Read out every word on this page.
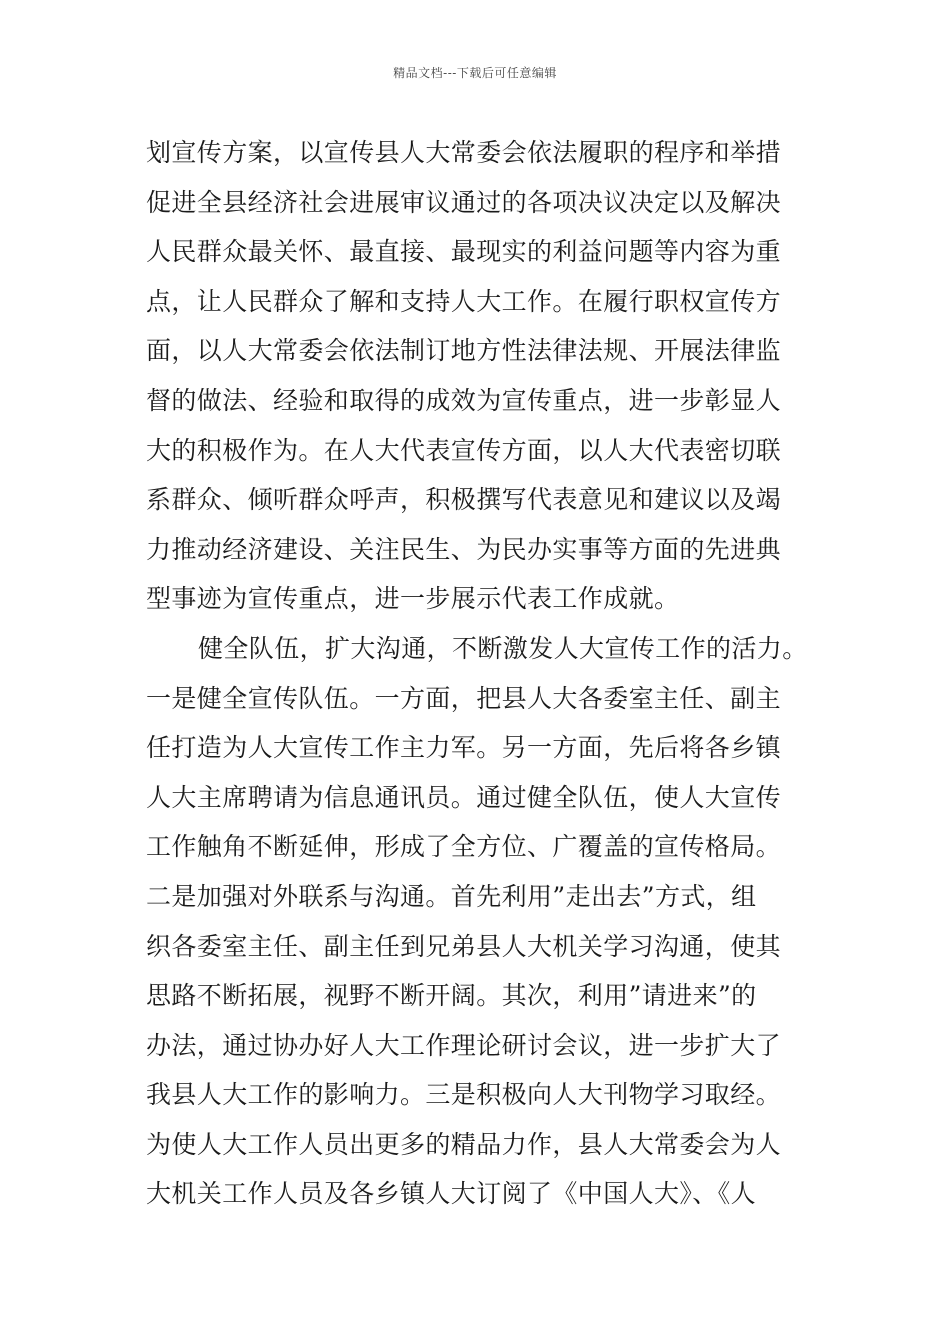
精品文档---下载后可任意编辑
划宣传方案，以宣传县人大常委会依法履职的程序和举措
促进全县经济社会进展审议通过的各项决议决定以及解决
人民群众最关怀、最直接、最现实的利益问题等内容为重
点，让人民群众了解和支持人大工作。在履行职权宣传方
面，以人大常委会依法制订地方性法律法规、开展法律监
督的做法、经验和取得的成效为宣传重点，进一步彰显人
大的积极作为。在人大代表宣传方面，以人大代表密切联
系群众、倾听群众呼声，积极撰写代表意见和建议以及竭
力推动经济建设、关注民生、为民办实事等方面的先进典
型事迹为宣传重点，进一步展示代表工作成就。
健全队伍，扩大沟通，不断激发人大宣传工作的活力。
一是健全宣传队伍。一方面，把县人大各委室主任、副主
任打造为人大宣传工作主力军。另一方面，先后将各乡镇
人大主席聘请为信息通讯员。通过健全队伍，使人大宣传
工作触角不断延伸，形成了全方位、广覆盖的宣传格局。
二是加强对外联系与沟通。首先利用”走出去”方式，组
织各委室主任、副主任到兄弟县人大机关学习沟通，使其
思路不断拓展，视野不断开阔。其次，利用”请进来”的
办法，通过协办好人大工作理论研讨会议，进一步扩大了
我县人大工作的影响力。三是积极向人大刊物学习取经。
为使人大工作人员出更多的精品力作，县人大常委会为人
大机关工作人员及各乡镇人大订阅了《中国人大》、《人
